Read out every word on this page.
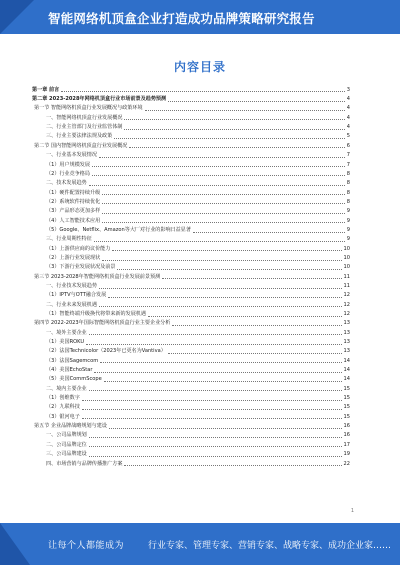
智能网络机顶盒企业打造成功品牌策略研究报告
内容目录
第一章 前言	3
第二章 2023-2028年网络机顶盒行业市场前景及趋势预测	4
第一节 智能网络机顶盒行业发展概况与政策环境	4
一、智能网络机顶盒行业发展概况	4
二、行业主管部门及行业监管体制	4
三、行业主要法律法规及政策	5
第二节 国内智能网络机顶盒行业发展概况	6
一、行业基本发展情况	7
（1）用户规模发展	7
（2）行业竞争格局	8
二、技术发展趋势	8
（1）硬件配置持续升级	8
（2）系统软件持续优化	8
（3）产品形态更加多样	9
（4）人工智能技术应用	9
（5）Google、Netflix、Amazon等大厂对行业的影响日益显著	9
三、行业周期性特征	9
（1）上游供应商的议价能力	10
（2）上游行业发展现状	10
（3）下游行业发展状况及前景	10
第三节 2023-2028年智能网络机顶盒行业发展前景预测	11
一、行业技术发展趋势	11
（1）IPTV与OTT融合发展	12
二、行业未来发展机遇	12
（1）智能终端升级换代将带来新的发展机遇	12
第四节 2022-2023年国际智能网络机顶盒行业主要企业分析	13
一、境外主要企业	13
（1）美国ROKU	13
（2）法国Technicolor（2023年已更名为Vantiva）	13
（3）法国Sagemcom	14
（4）美国EchoStar	14
（5）美国CommScope	14
二、境内主要企业	15
（1）创维数字	15
（2）九联科技	15
（3）银河电子	15
第五节 企业品牌战略规划与建设	16
一、公司品牌规划	16
二、公司品牌定位	17
三、公司品牌建设	19
四、市场营销与品牌传播推广方案	22
1
让每个人都能成为	行业专家、管理专家、营销专家、战略专家、成功企业家……
